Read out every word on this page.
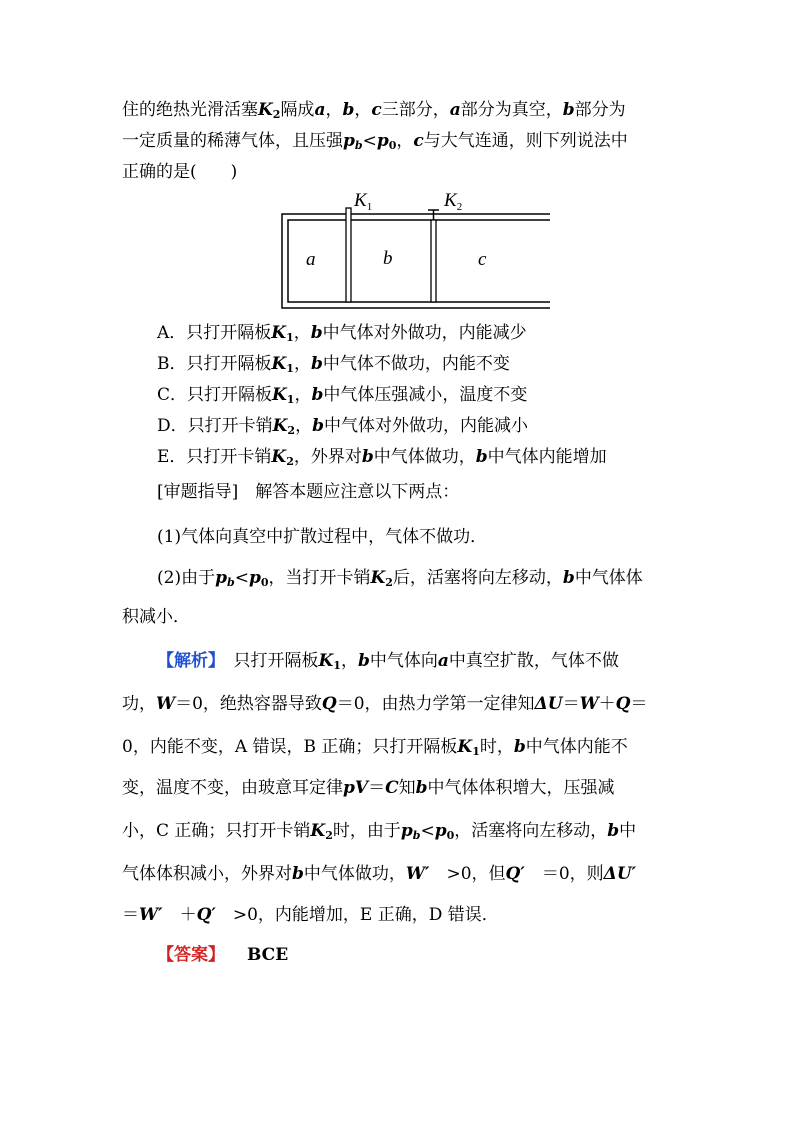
住的绝热光滑活塞$K_2$隔成a，b，c三部分，a部分为真空，b部分为
一定质量的稀薄气体，且压强$p_b<p_0$，c与大气连通，则下列说法中
正确的是(　　)
$K_1$	$K_2$
a	b	c
A．只打开隔板$K_1$，b中气体对外做功，内能减少
B．只打开隔板$K_1$，b中气体不做功，内能不变
C．只打开隔板$K_1$，b中气体压强减小，温度不变
D．只打开卡销$K_2$，b中气体对外做功，内能减小
E．只打开卡销$K_2$，外界对b中气体做功，b中气体内能增加
[审题指导]　解答本题应注意以下两点：
(1)气体向真空中扩散过程中，气体不做功．
(2)由于$p_b<p_0$，当打开卡销$K_2$后，活塞将向左移动，b中气体体
积减小．
【解析】　只打开隔板$K_1$，b中气体向a中真空扩散，气体不做
功，W＝0，绝热容器导致Q＝0，由热力学第一定律知ΔU＝W＋Q＝
0，内能不变，A 错误，B 正确；只打开隔板$K_1$时，b中气体内能不
变，温度不变，由玻意耳定律pV＝C知b中气体体积增大，压强减
小，C 正确；只打开卡销$K_2$时，由于$p_b<p_0$，活塞将向左移动，b中
气体体积减小，外界对b中气体做功，W′　>0，但Q′　＝0，则ΔU′
＝W′　＋Q′　>0，内能增加，E 正确，D 错误．
【答案】 BCE
